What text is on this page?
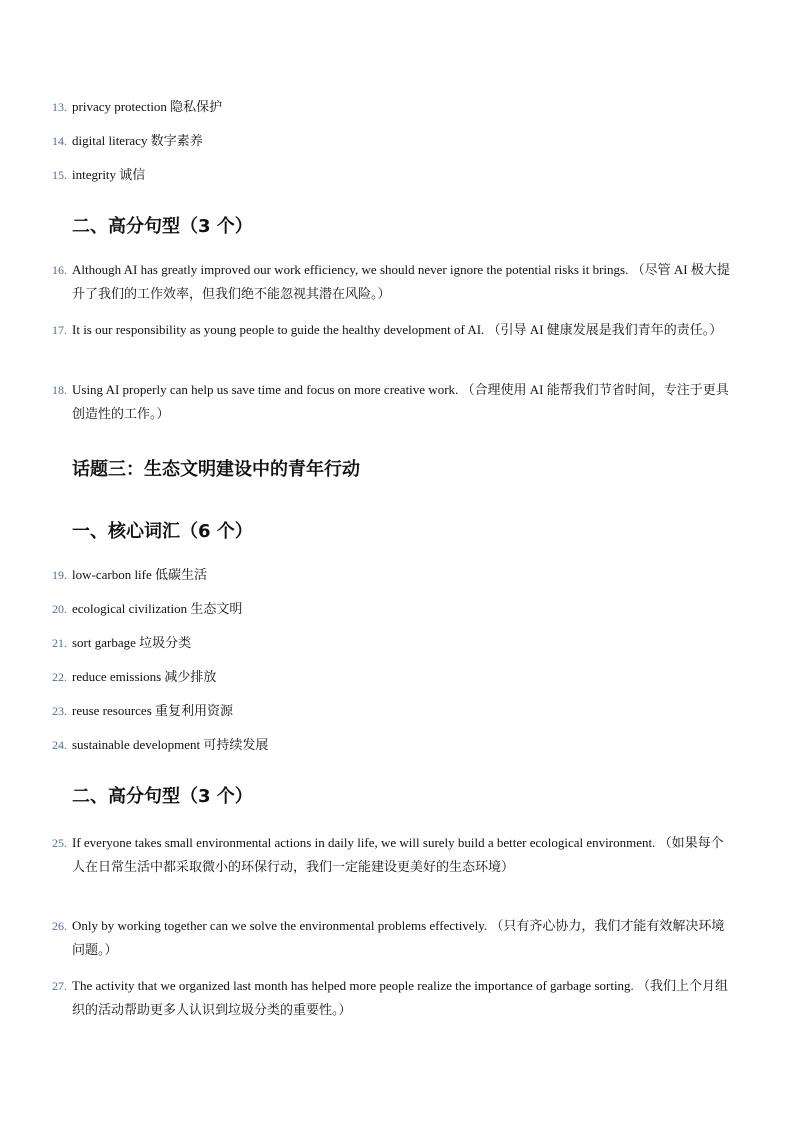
13. privacy protection 隐私保护
14. digital literacy 数字素养
15. integrity 诚信
二、高分句型（3 个）
16. Although AI has greatly improved our work efficiency, we should never ignore the potential risks it brings. （尽管 AI 极大提升了我们的工作效率，但我们绝不能忽视其潜在风险。）
17. It is our responsibility as young people to guide the healthy development of AI. （引导 AI 健康发展是我们青年的责任。）
18. Using AI properly can help us save time and focus on more creative work. （合理使用 AI 能帮我们节省时间，专注于更具创造性的工作。）
话题三：生态文明建设中的青年行动
一、核心词汇（6 个）
19. low-carbon life 低碳生活
20. ecological civilization 生态文明
21. sort garbage 垃圾分类
22. reduce emissions 减少排放
23. reuse resources 重复利用资源
24. sustainable development 可持续发展
二、高分句型（3 个）
25. If everyone takes small environmental actions in daily life, we will surely build a better ecological environment. （如果每个人在日常生活中都采取微小的环保行动，我们一定能建设更美好的生态环境）
26. Only by working together can we solve the environmental problems effectively. （只有齐心协力，我们才能有效解决环境问题。）
27. The activity that we organized last month has helped more people realize the importance of garbage sorting. （我们上个月组织的活动帮助更多人认识到垃圾分类的重要性。）
